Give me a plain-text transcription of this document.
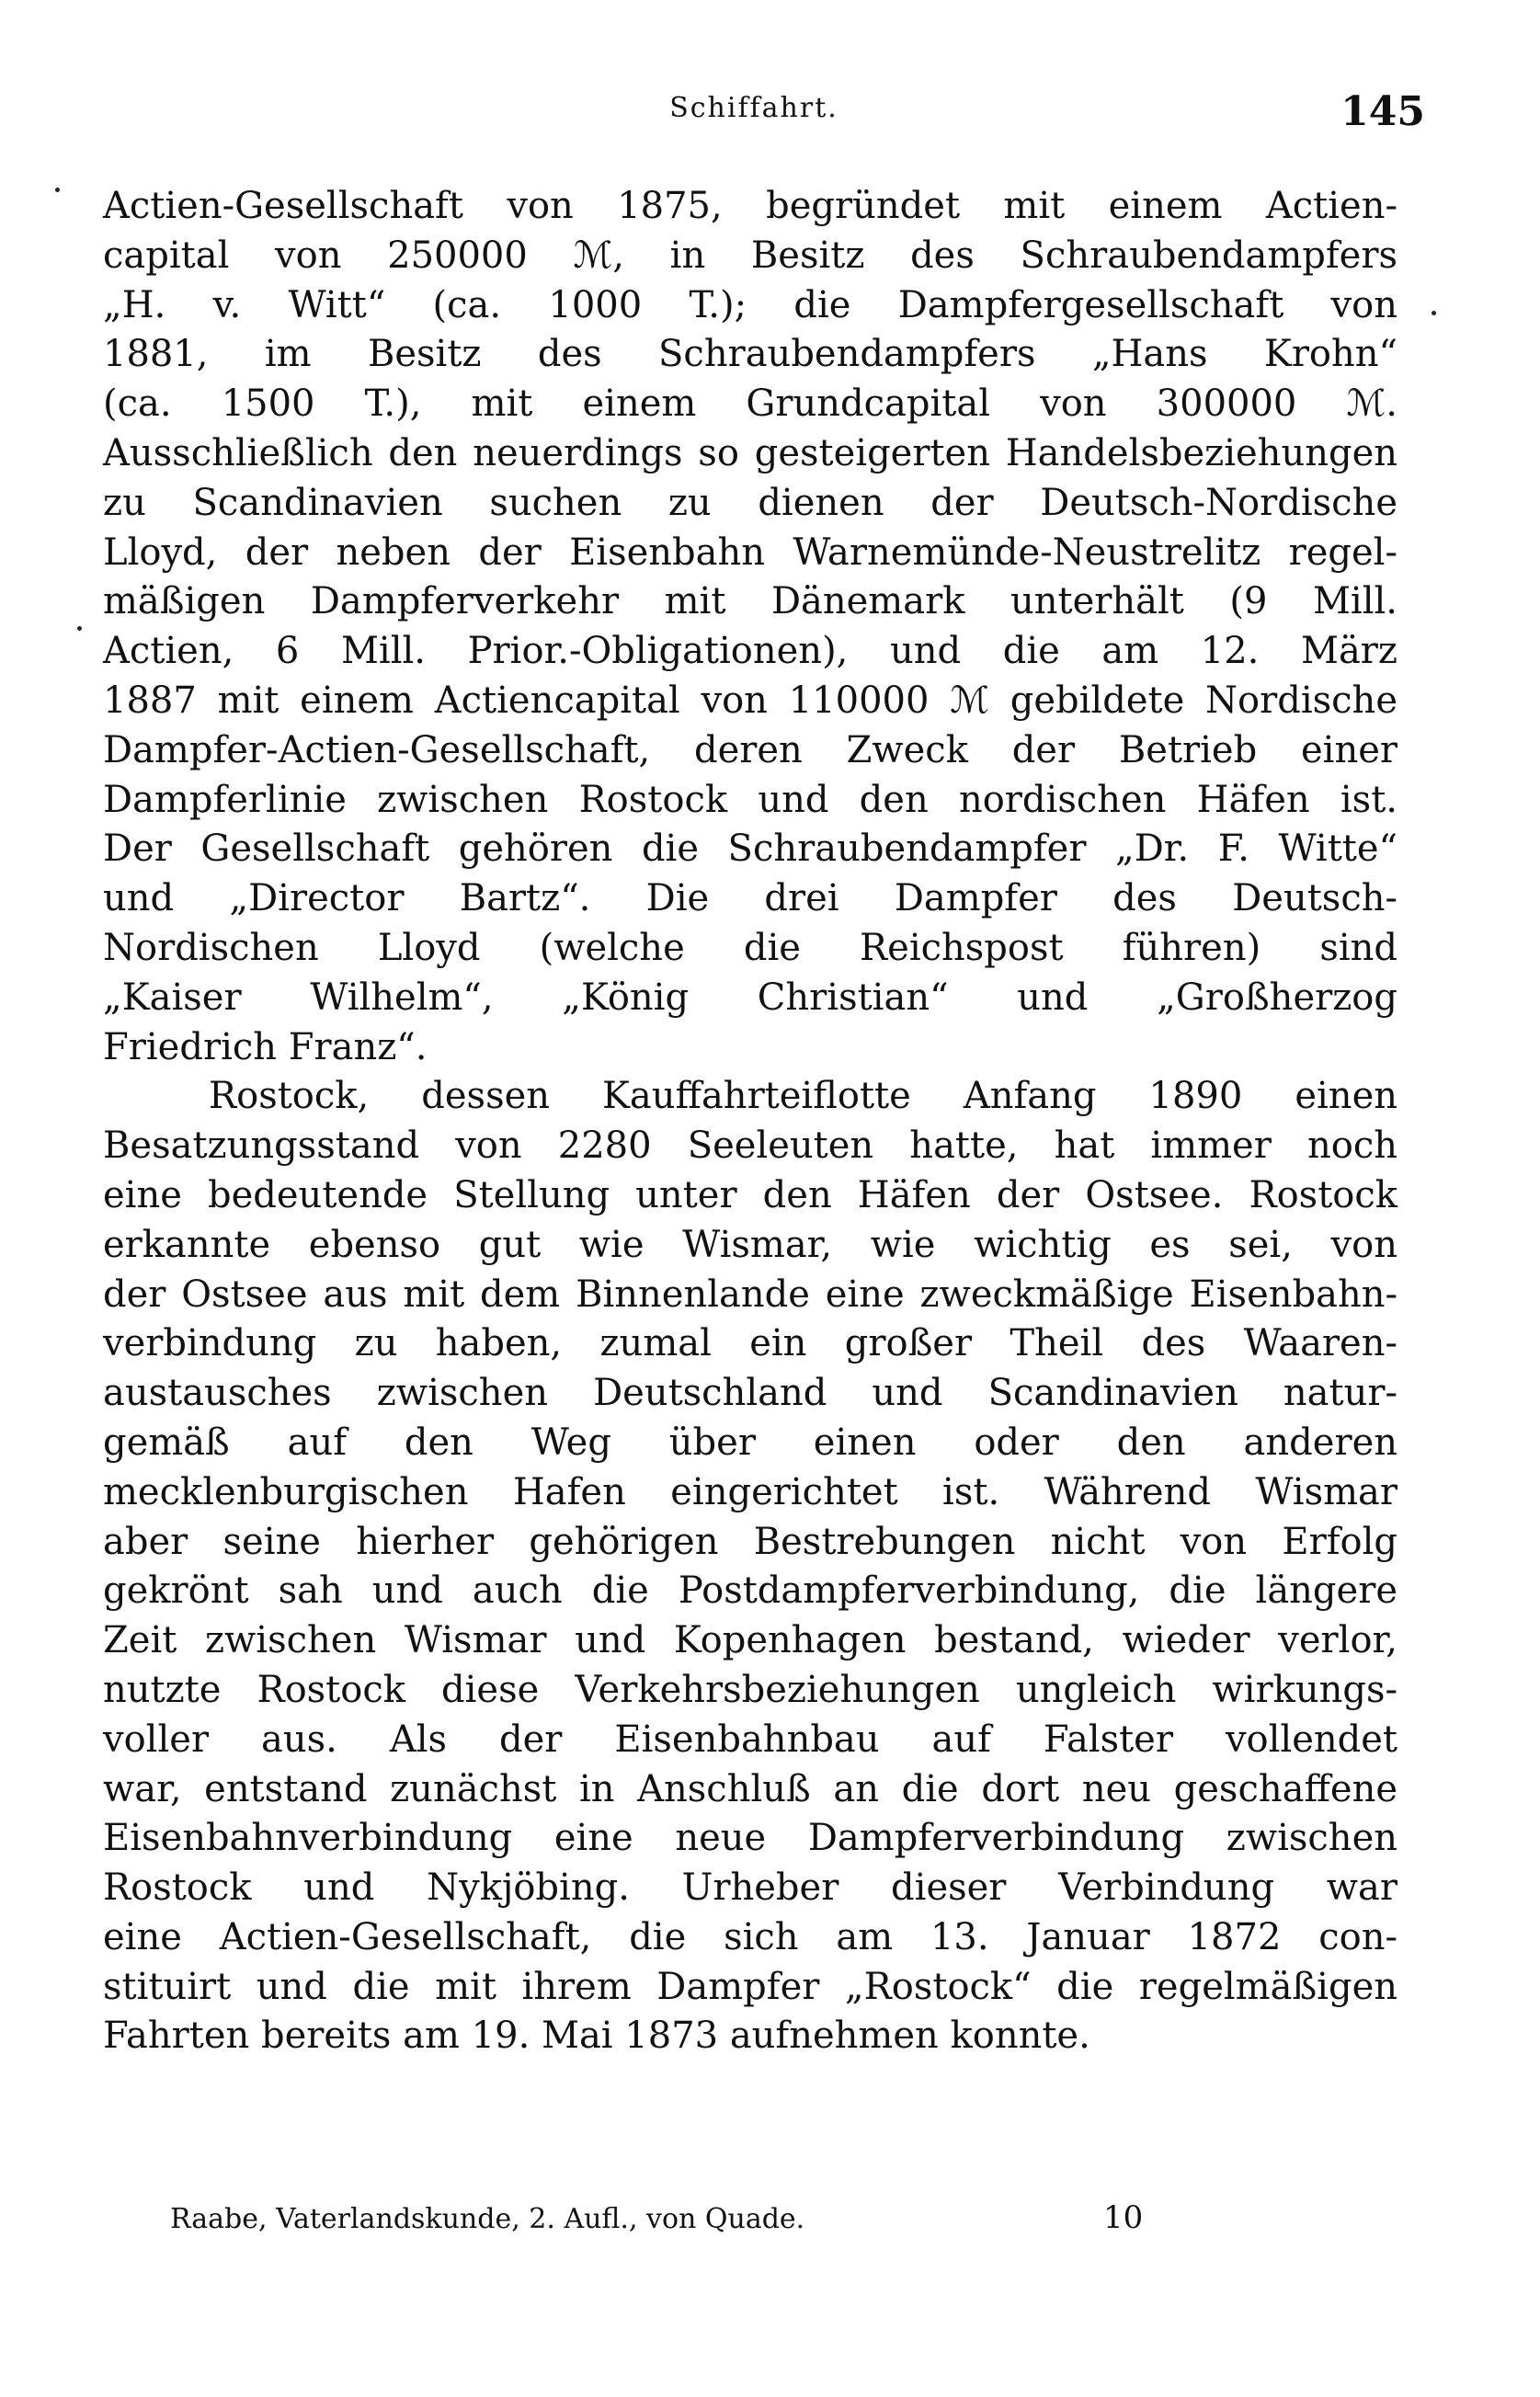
Schiffahrt.	145
Actien-Gesellschaft von 1875, begründet mit einem Actien-
capital von 250000 ℳ, in Besitz des Schraubendampfers
„H. v. Witt“ (ca. 1000 T.); die Dampfergesellschaft von
1881, im Besitz des Schraubendampfers „Hans Krohn“
(ca. 1500 T.), mit einem Grundcapital von 300000 ℳ.
Ausschließlich den neuerdings so gesteigerten Handelsbeziehungen
zu Scandinavien suchen zu dienen der Deutsch-Nordische
Lloyd, der neben der Eisenbahn Warnemünde-Neustrelitz regel-
mäßigen Dampferverkehr mit Dänemark unterhält (9 Mill.
Actien, 6 Mill. Prior.-Obligationen), und die am 12. März
1887 mit einem Actiencapital von 110000 ℳ gebildete Nordische
Dampfer-Actien-Gesellschaft, deren Zweck der Betrieb einer
Dampferlinie zwischen Rostock und den nordischen Häfen ist.
Der Gesellschaft gehören die Schraubendampfer „Dr. F. Witte“
und „Director Bartz“. Die drei Dampfer des Deutsch-
Nordischen Lloyd (welche die Reichspost führen) sind
„Kaiser Wilhelm“, „König Christian“ und „Großherzog
Friedrich Franz“.
Rostock, dessen Kauffahrteiflotte Anfang 1890 einen
Besatzungsstand von 2280 Seeleuten hatte, hat immer noch
eine bedeutende Stellung unter den Häfen der Ostsee. Rostock
erkannte ebenso gut wie Wismar, wie wichtig es sei, von
der Ostsee aus mit dem Binnenlande eine zweckmäßige Eisenbahn-
verbindung zu haben, zumal ein großer Theil des Waaren-
austausches zwischen Deutschland und Scandinavien natur-
gemäß auf den Weg über einen oder den anderen
mecklenburgischen Hafen eingerichtet ist. Während Wismar
aber seine hierher gehörigen Bestrebungen nicht von Erfolg
gekrönt sah und auch die Postdampferverbindung, die längere
Zeit zwischen Wismar und Kopenhagen bestand, wieder verlor,
nutzte Rostock diese Verkehrsbeziehungen ungleich wirkungs-
voller aus. Als der Eisenbahnbau auf Falster vollendet
war, entstand zunächst in Anschluß an die dort neu geschaffene
Eisenbahnverbindung eine neue Dampferverbindung zwischen
Rostock und Nykjöbing. Urheber dieser Verbindung war
eine Actien-Gesellschaft, die sich am 13. Januar 1872 con-
stituirt und die mit ihrem Dampfer „Rostock“ die regelmäßigen
Fahrten bereits am 19. Mai 1873 aufnehmen konnte.
Raabe, Vaterlandskunde, 2. Aufl., von Quade.	10
